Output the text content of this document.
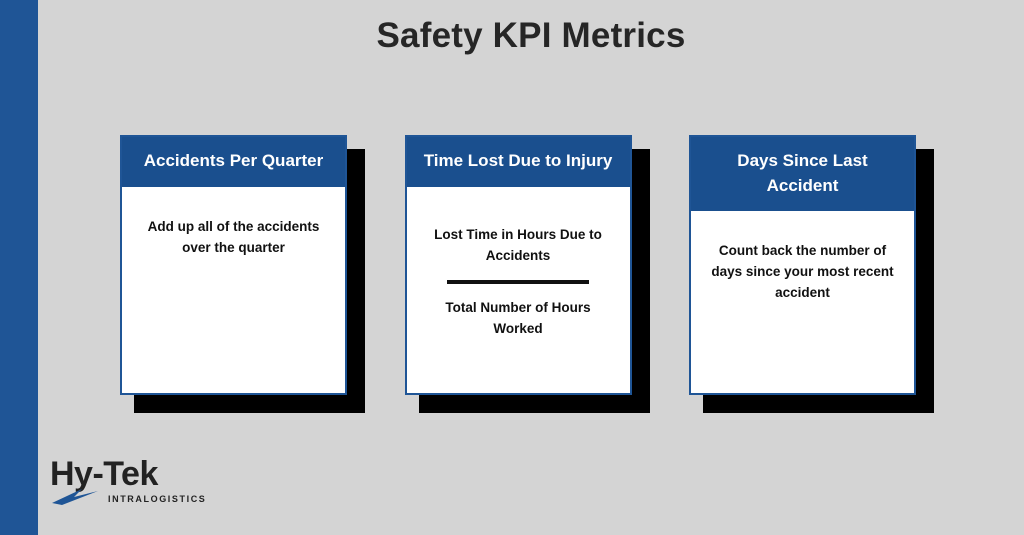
Safety KPI Metrics
Accidents Per Quarter
Add up all of the accidents over the quarter
Time Lost Due to Injury
$\frac{\text{Lost Time in Hours Due to Accidents}}{\text{Total Number of Hours Worked}}$
Days Since Last Accident
Count back the number of days since your most recent accident
Hy-Tek
INTRALOGISTICS
